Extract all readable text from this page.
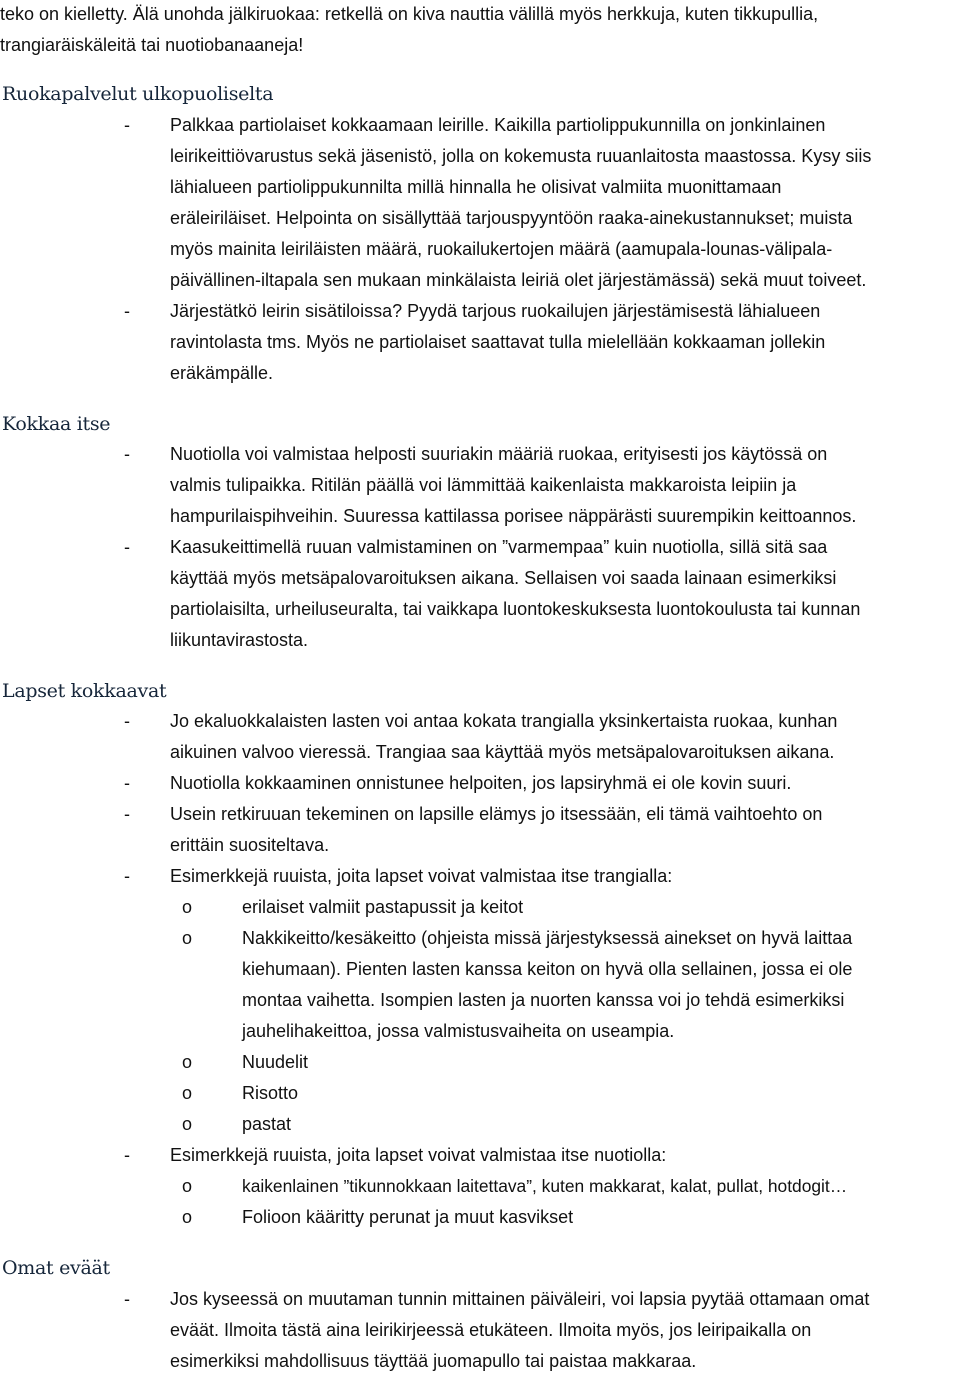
teko on kielletty. Älä unohda jälkiruokaa: retkellä on kiva nauttia välillä myös herkkuja, kuten tikkupullia,
trangiaräiskäleitä tai nuotiobanaaneja!
Ruokapalvelut ulkopuoliselta
-	Palkkaa partiolaiset kokkaamaan leirille. Kaikilla partiolippukunnilla on jonkinlainen
leirikeittiövarustus sekä jäsenistö, jolla on kokemusta ruuanlaitosta maastossa. Kysy siis
lähialueen partiolippukunnilta millä hinnalla he olisivat valmiita muonittamaan
eräleiriläiset. Helpointa on sisällyttää tarjouspyyntöön raaka-ainekustannukset; muista
myös mainita leiriläisten määrä, ruokailukertojen määrä (aamupala-lounas-välipala-
päivällinen-iltapala sen mukaan minkälaista leiriä olet järjestämässä) sekä muut toiveet.
-	Järjestätkö leirin sisätiloissa? Pyydä tarjous ruokailujen järjestämisestä lähialueen
ravintolasta tms. Myös ne partiolaiset saattavat tulla mielellään kokkaaman jollekin
eräkämpälle.
Kokkaa itse
-	Nuotiolla voi valmistaa helposti suuriakin määriä ruokaa, erityisesti jos käytössä on
valmis tulipaikka. Ritilän päällä voi lämmittää kaikenlaista makkaroista leipiin ja
hampurilaispihveihin. Suuressa kattilassa porisee näppärästi suurempikin keittoannos.
-	Kaasukeittimellä ruuan valmistaminen on ”varmempaa” kuin nuotiolla, sillä sitä saa
käyttää myös metsäpalovaroituksen aikana. Sellaisen voi saada lainaan esimerkiksi
partiolaisilta, urheiluseuralta, tai vaikkapa luontokeskuksesta luontokoulusta tai kunnan
liikuntavirastosta.
Lapset kokkaavat
-	Jo ekaluokkalaisten lasten voi antaa kokata trangialla yksinkertaista ruokaa, kunhan
aikuinen valvoo vieressä. Trangiaa saa käyttää myös metsäpalovaroituksen aikana.
-	Nuotiolla kokkaaminen onnistunee helpoiten, jos lapsiryhmä ei ole kovin suuri.
-	Usein retkiruuan tekeminen on lapsille elämys jo itsessään, eli tämä vaihtoehto on
erittäin suositeltava.
-	Esimerkkejä ruuista, joita lapset voivat valmistaa itse trangialla:
o	erilaiset valmiit pastapussit ja keitot
o	Nakkikeitto/kesäkeitto (ohjeista missä järjestyksessä ainekset on hyvä laittaa
kiehumaan). Pienten lasten kanssa keiton on hyvä olla sellainen, jossa ei ole
montaa vaihetta. Isompien lasten ja nuorten kanssa voi jo tehdä esimerkiksi
jauhelihakeittoa, jossa valmistusvaiheita on useampia.
o	Nuudelit
o	Risotto
o	pastat
-	Esimerkkejä ruuista, joita lapset voivat valmistaa itse nuotiolla:
o	kaikenlainen ”tikunnokkaan laitettava”, kuten makkarat, kalat, pullat, hotdogit…
o	Folioon kääritty perunat ja muut kasvikset
Omat eväät
-	Jos kyseessä on muutaman tunnin mittainen päiväleiri, voi lapsia pyytää ottamaan omat
eväät. Ilmoita tästä aina leirikirjeessä etukäteen. Ilmoita myös, jos leiripaikalla on
esimerkiksi mahdollisuus täyttää juomapullo tai paistaa makkaraa.
